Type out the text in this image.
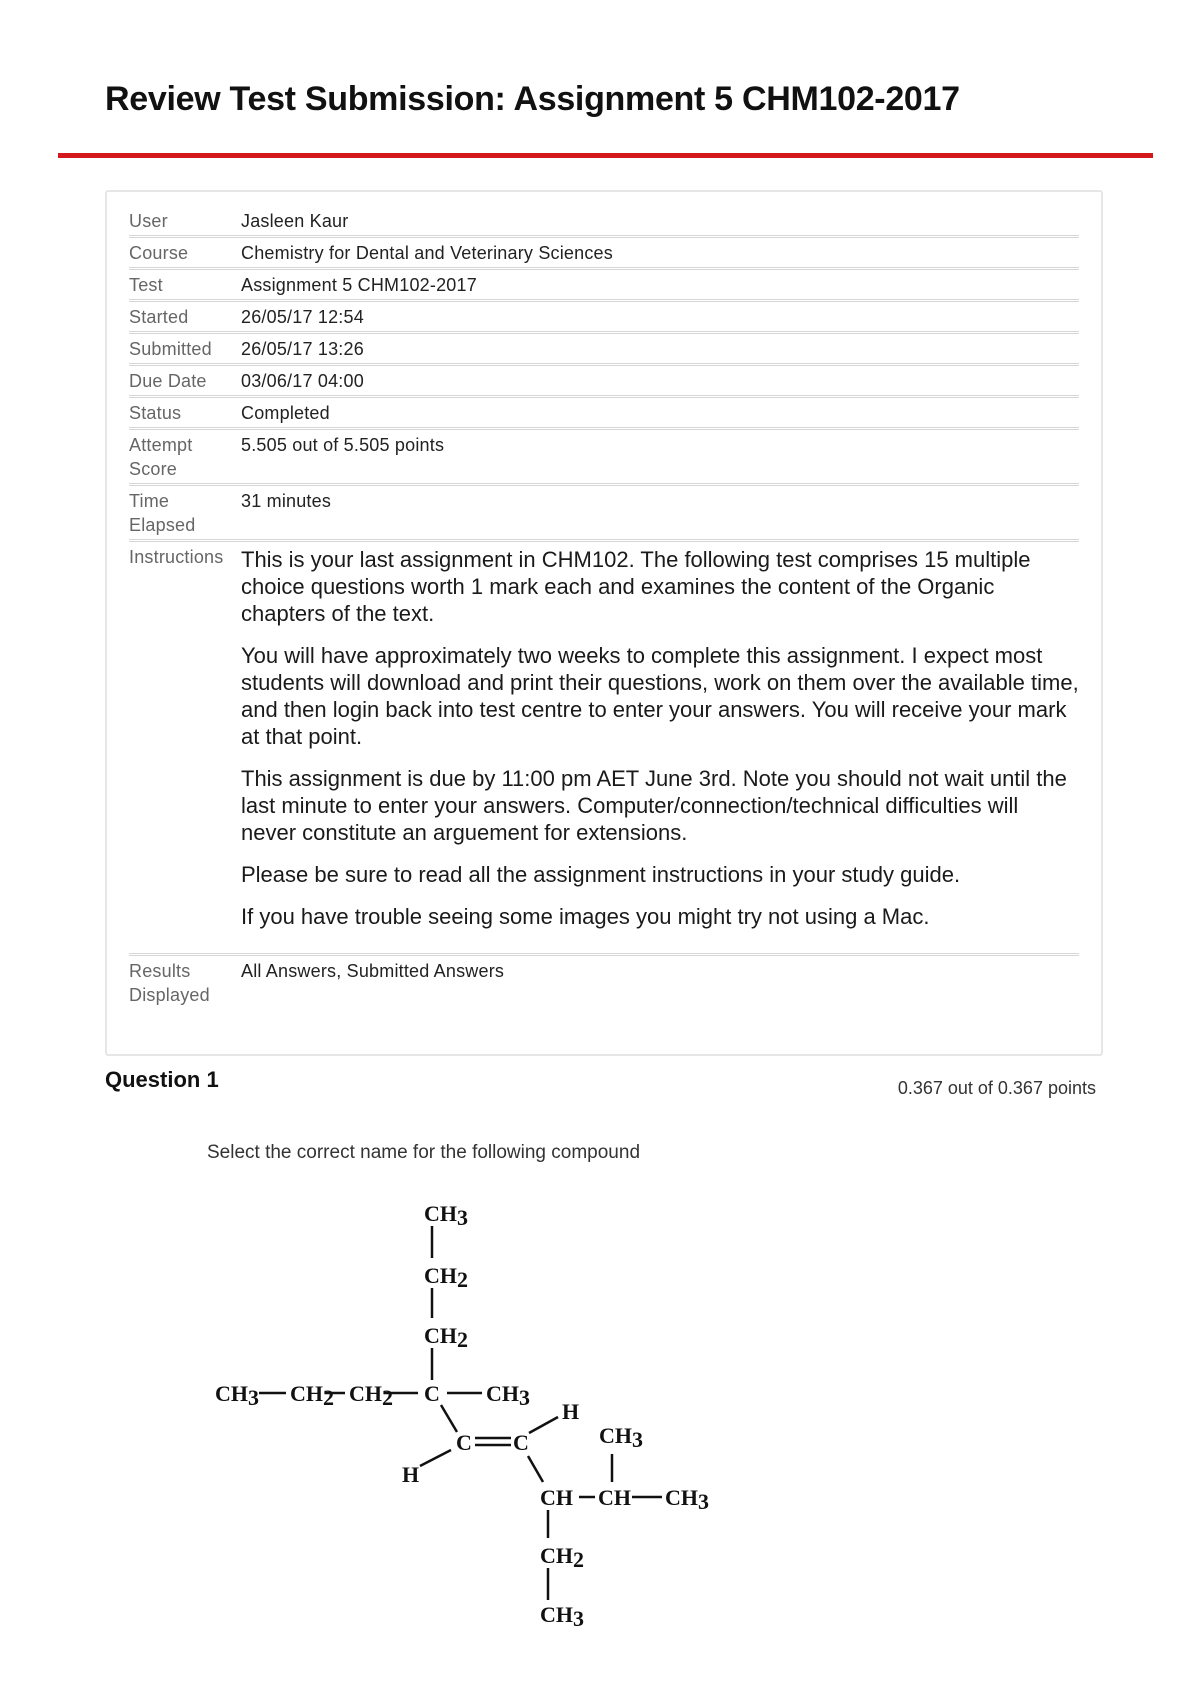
Review Test Submission: Assignment 5 CHM102-2017
User	Jasleen Kaur
Course	Chemistry for Dental and Veterinary Sciences
Test	Assignment 5 CHM102-2017
Started	26/05/17 12:54
Submitted	26/05/17 13:26
Due Date	03/06/17 04:00
Status	Completed
Attempt Score	5.505 out of 5.505 points
Time Elapsed	31 minutes
Instructions	This is your last assignment in CHM102. The following test comprises 15 multiple choice questions worth 1 mark each and examines the content of the Organic chapters of the text.

You will have approximately two weeks to complete this assignment. I expect most students will download and print their questions, work on them over the available time, and then login back into test centre to enter your answers. You will receive your mark at that point.

This assignment is due by 11:00 pm AET June 3rd. Note you should not wait until the last minute to enter your answers. Computer/connection/technical difficulties will never constitute an arguement for extensions.

Please be sure to read all the assignment instructions in your study guide.

If you have trouble seeing some images you might try not using a Mac.

Results Displayed	All Answers, Submitted Answers
Question 1	0.367 out of 0.367 points
Select the correct name for the following compound
CH3
CH2
CH2
CH3 CH2 CH2 C CH3
H
CH3
C C
H
CH CH CH3
CH2
CH3
